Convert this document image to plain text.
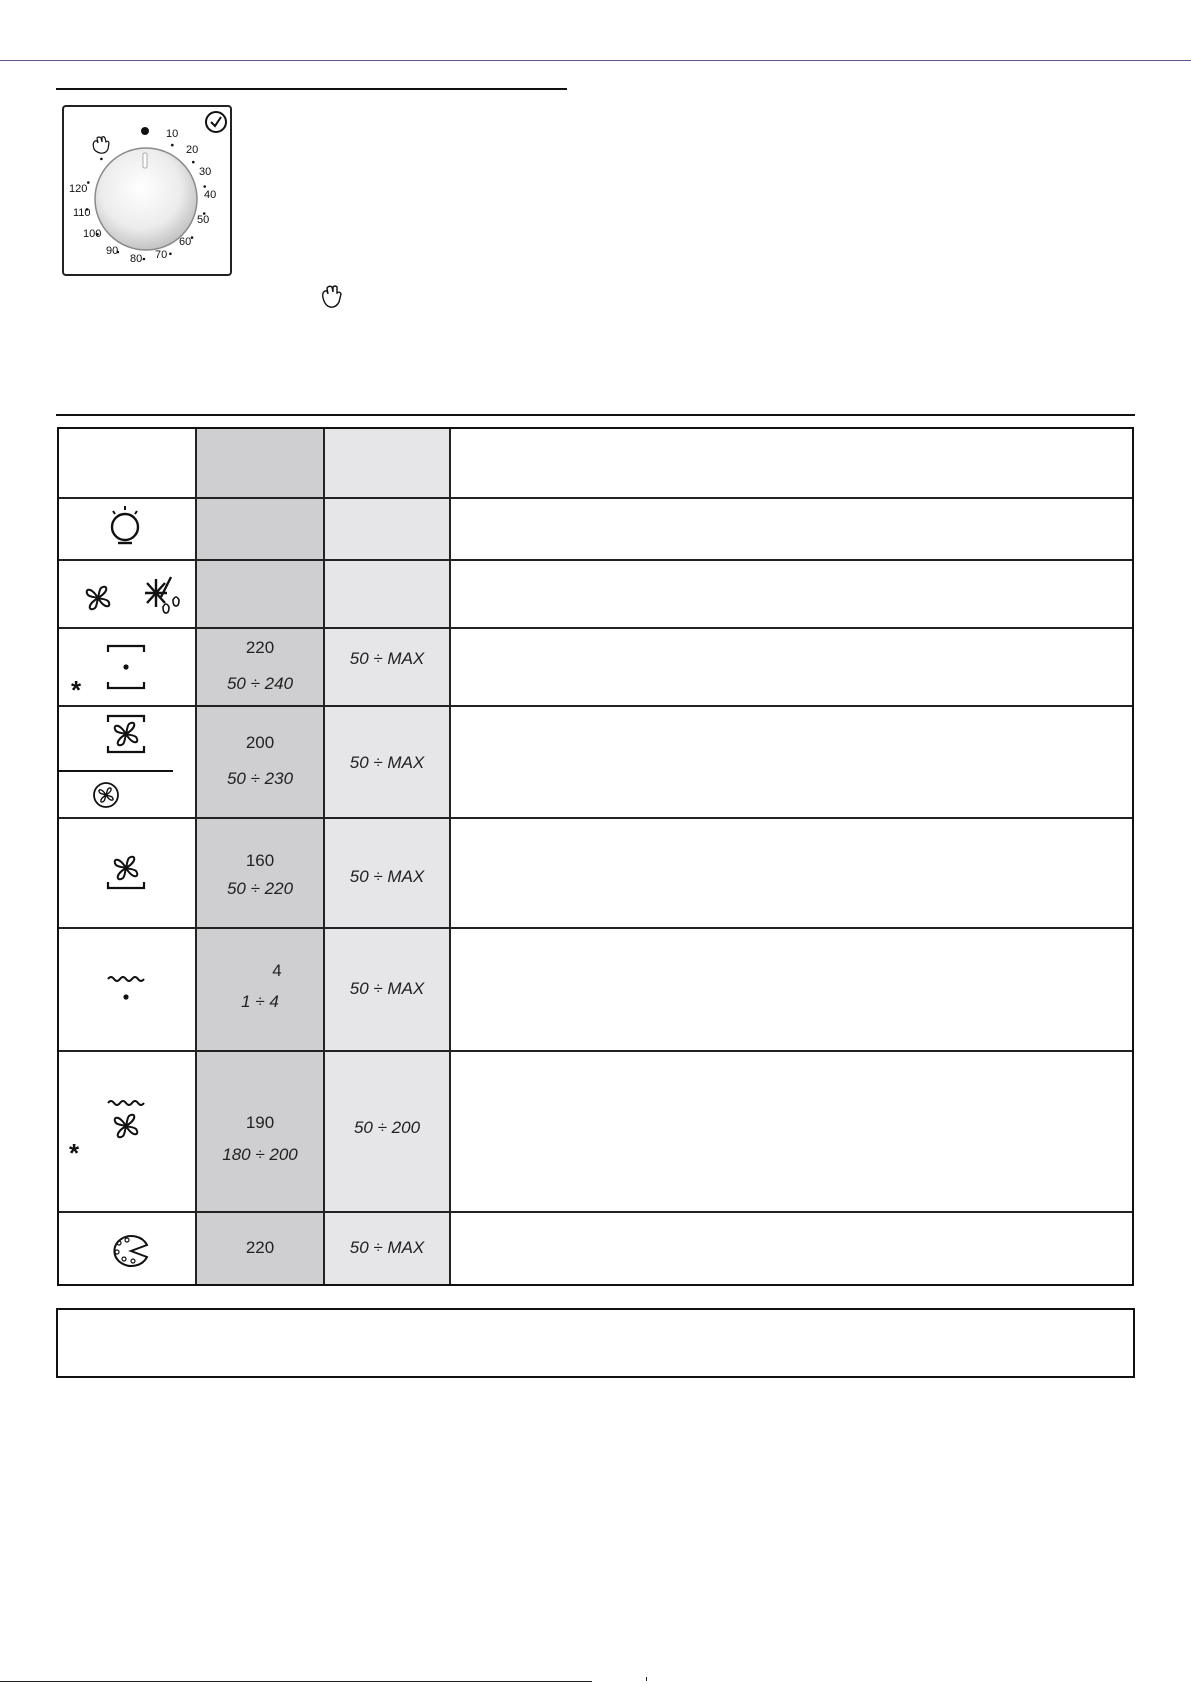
10
20
30
40
50
60
70
80
90
100
110
120
*
220
50 ÷ 240
50 ÷ MAX
200
50 ÷ 230
50 ÷ MAX
160
50 ÷ 220
50 ÷ MAX
4
1 ÷ 4
50 ÷ MAX
*
190
180 ÷ 200
50 ÷ 200
220	50 ÷ MAX
